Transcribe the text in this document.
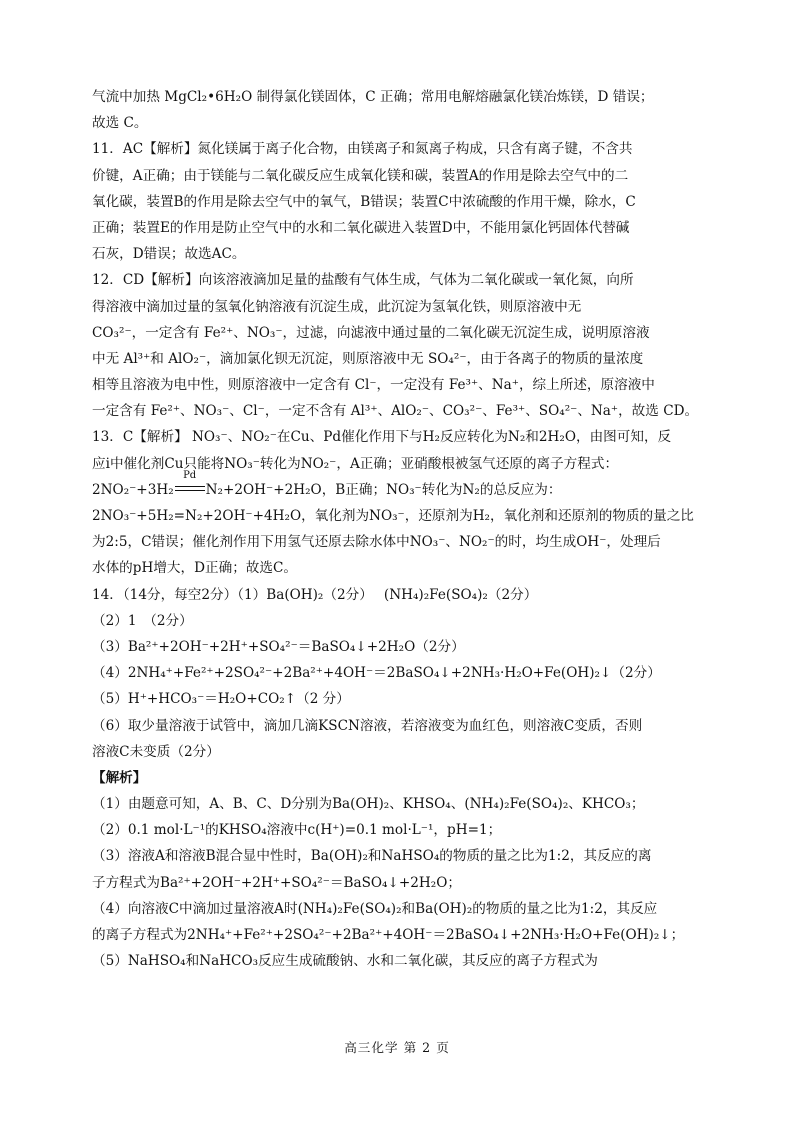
气流中加热 MgCl₂•6H₂O 制得氯化镁固体，C 正确；常用电解熔融氯化镁冶炼镁，D 错误；
故选 C。
11．AC【解析】氮化镁属于离子化合物，由镁离子和氮离子构成，只含有离子键，不含共
价键，A正确；由于镁能与二氧化碳反应生成氧化镁和碳，装置A的作用是除去空气中的二
氧化碳，装置B的作用是除去空气中的氧气，B错误；装置C中浓硫酸的作用干燥，除水，C
正确；装置E的作用是防止空气中的水和二氧化碳进入装置D中，不能用氯化钙固体代替碱
石灰，D错误；故选AC。
12．CD【解析】向该溶液滴加足量的盐酸有气体生成，气体为二氧化碳或一氧化氮，向所
得溶液中滴加过量的氢氧化钠溶液有沉淀生成，此沉淀为氢氧化铁，则原溶液中无
CO₃²⁻，一定含有 Fe²⁺、NO₃⁻，过滤，向滤液中通过量的二氧化碳无沉淀生成，说明原溶液
中无 Al³⁺和 AlO₂⁻，滴加氯化钡无沉淀，则原溶液中无 SO₄²⁻，由于各离子的物质的量浓度
相等且溶液为电中性，则原溶液中一定含有 Cl⁻，一定没有 Fe³⁺、Na⁺，综上所述，原溶液中
一定含有 Fe²⁺、NO₃⁻、Cl⁻，一定不含有 Al³⁺、AlO₂⁻、CO₃²⁻、Fe³⁺、SO₄²⁻、Na⁺，故选 CD。
13．C【解析】 NO₃⁻、NO₂⁻在Cu、Pd催化作用下与H₂反应转化为N₂和2H₂O，由图可知，反
应i中催化剂Cu只能将NO₃⁻转化为NO₂⁻，A正确；亚硝酸根被氢气还原的离子方程式：
2NO₂⁻+3H₂
Pd
N₂+2OH⁻+2H₂O，B正确；NO₃⁻转化为N₂的总反应为：
2NO₃⁻+5H₂=N₂+2OH⁻+4H₂O，氧化剂为NO₃⁻，还原剂为H₂，氧化剂和还原剂的物质的量之比
为2:5，C错误；催化剂作用下用氢气还原去除水体中NO₃⁻、NO₂⁻的时，均生成OH⁻，处理后
水体的pH增大，D正确；故选C。
14．（14分，每空2分）（1）Ba(OH)₂（2分）　 (NH₄)₂Fe(SO₄)₂（2分）
（2）1　（2分）
（3）Ba²⁺+2OH⁻+2H⁺+SO₄²⁻＝BaSO₄↓+2H₂O（2分）
（4）2NH₄⁺+Fe²⁺+2SO₄²⁻+2Ba²⁺+4OH⁻＝2BaSO₄↓+2NH₃·H₂O+Fe(OH)₂↓（2分）
（5）H⁺+HCO₃⁻＝H₂O+CO₂↑（2 分）
（6）取少量溶液于试管中，滴加几滴KSCN溶液，若溶液变为血红色，则溶液C变质，否则
溶液C未变质（2分）
【解析】
（1）由题意可知，A、B、C、D分别为Ba(OH)₂、KHSO₄、(NH₄)₂Fe(SO₄)₂、KHCO₃；
（2）0.1 mol·L⁻¹的KHSO₄溶液中c(H⁺)=0.1 mol·L⁻¹，pH=1；
（3）溶液A和溶液B混合显中性时，Ba(OH)₂和NaHSO₄的物质的量之比为1:2，其反应的离
子方程式为Ba²⁺+2OH⁻+2H⁺+SO₄²⁻＝BaSO₄↓+2H₂O；
（4）向溶液C中滴加过量溶液A时(NH₄)₂Fe(SO₄)₂和Ba(OH)₂的物质的量之比为1:2，其反应
的离子方程式为2NH₄⁺+Fe²⁺+2SO₄²⁻+2Ba²⁺+4OH⁻＝2BaSO₄↓+2NH₃·H₂O+Fe(OH)₂↓；
（5）NaHSO₄和NaHCO₃反应生成硫酸钠、水和二氧化碳，其反应的离子方程式为
高三化学 第 2 页
